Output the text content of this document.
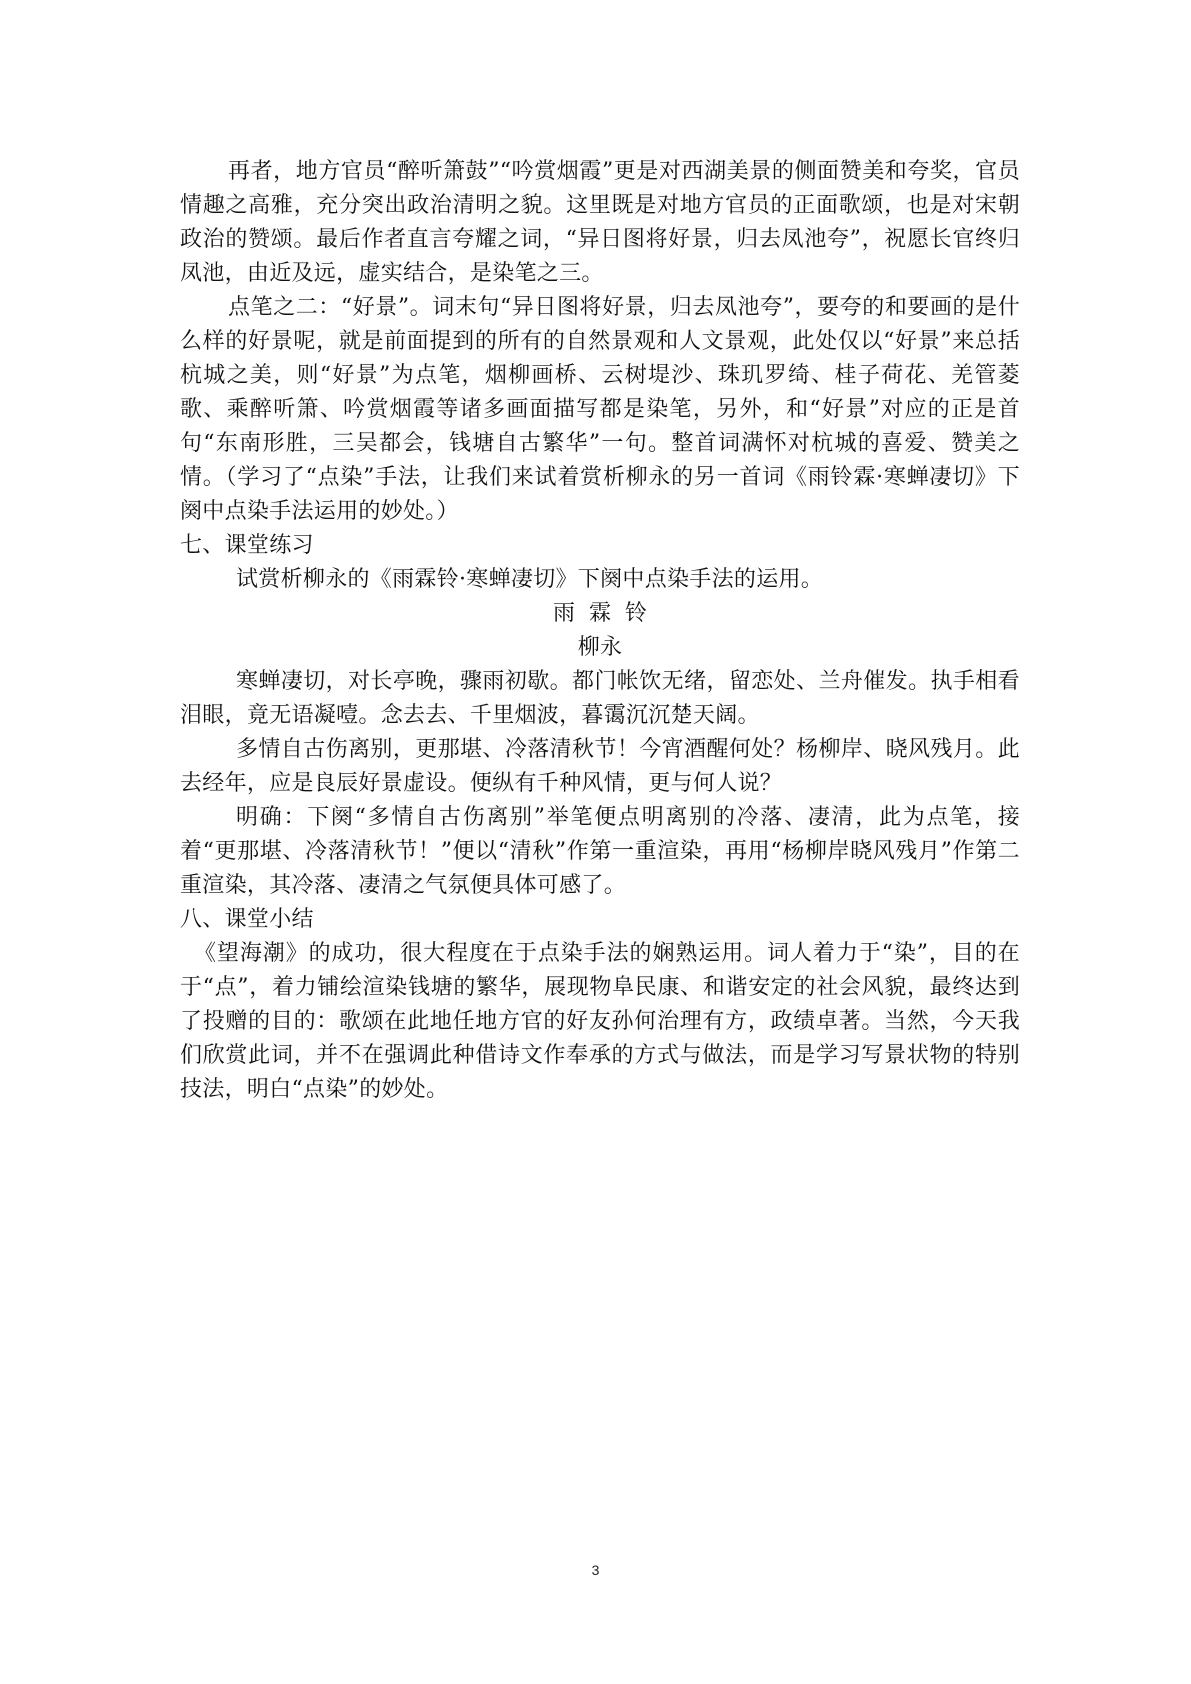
再者，地方官员“醉听箫鼓”“吟赏烟霞”更是对西湖美景的侧面赞美和夸奖，官员情趣之高雅，充分突出政治清明之貌。这里既是对地方官员的正面歌颂，也是对宋朝政治的赞颂。最后作者直言夸耀之词，“异日图将好景，归去凤池夸”，祝愿长官终归凤池，由近及远，虚实结合，是染笔之三。

点笔之二：“好景”。词末句“异日图将好景，归去凤池夸”，要夸的和要画的是什么样的好景呢，就是前面提到的所有的自然景观和人文景观，此处仅以“好景”来总括杭城之美，则“好景”为点笔，烟柳画桥、云树堤沙、珠玑罗绮、桂子荷花、羌管菱歌、乘醉听箫、吟赏烟霞等诸多画面描写都是染笔，另外，和“好景”对应的正是首句“东南形胜，三吴都会，钱塘自古繁华”一句。整首词满怀对杭城的喜爱、赞美之情。（学习了“点染”手法，让我们来试着赏析柳永的另一首词《雨铃霖·寒蝉凄切》下阕中点染手法运用的妙处。）

七、课堂练习

试赏析柳永的《雨霖铃·寒蝉凄切》下阕中点染手法的运用。

雨霖铃

柳永

寒蝉凄切，对长亭晚，骤雨初歇。都门帐饮无绪，留恋处、兰舟催发。执手相看泪眼，竟无语凝噎。念去去、千里烟波，暮霭沉沉楚天阔。

多情自古伤离别，更那堪、冷落清秋节！今宵酒醒何处？杨柳岸、晓风残月。此去经年，应是良辰好景虚设。便纵有千种风情，更与何人说？

明确：下阕“多情自古伤离别”举笔便点明离别的冷落、凄清，此为点笔，接着“更那堪、冷落清秋节！”便以“清秋”作第一重渲染，再用“杨柳岸晓风残月”作第二重渲染，其冷落、凄清之气氛便具体可感了。

八、课堂小结

《望海潮》的成功，很大程度在于点染手法的娴熟运用。词人着力于“染”，目的在于“点”，着力铺绘渲染钱塘的繁华，展现物阜民康、和谐安定的社会风貌，最终达到了投赠的目的：歌颂在此地任地方官的好友孙何治理有方，政绩卓著。当然，今天我们欣赏此词，并不在强调此种借诗文作奉承的方式与做法，而是学习写景状物的特别技法，明白“点染”的妙处。

3
